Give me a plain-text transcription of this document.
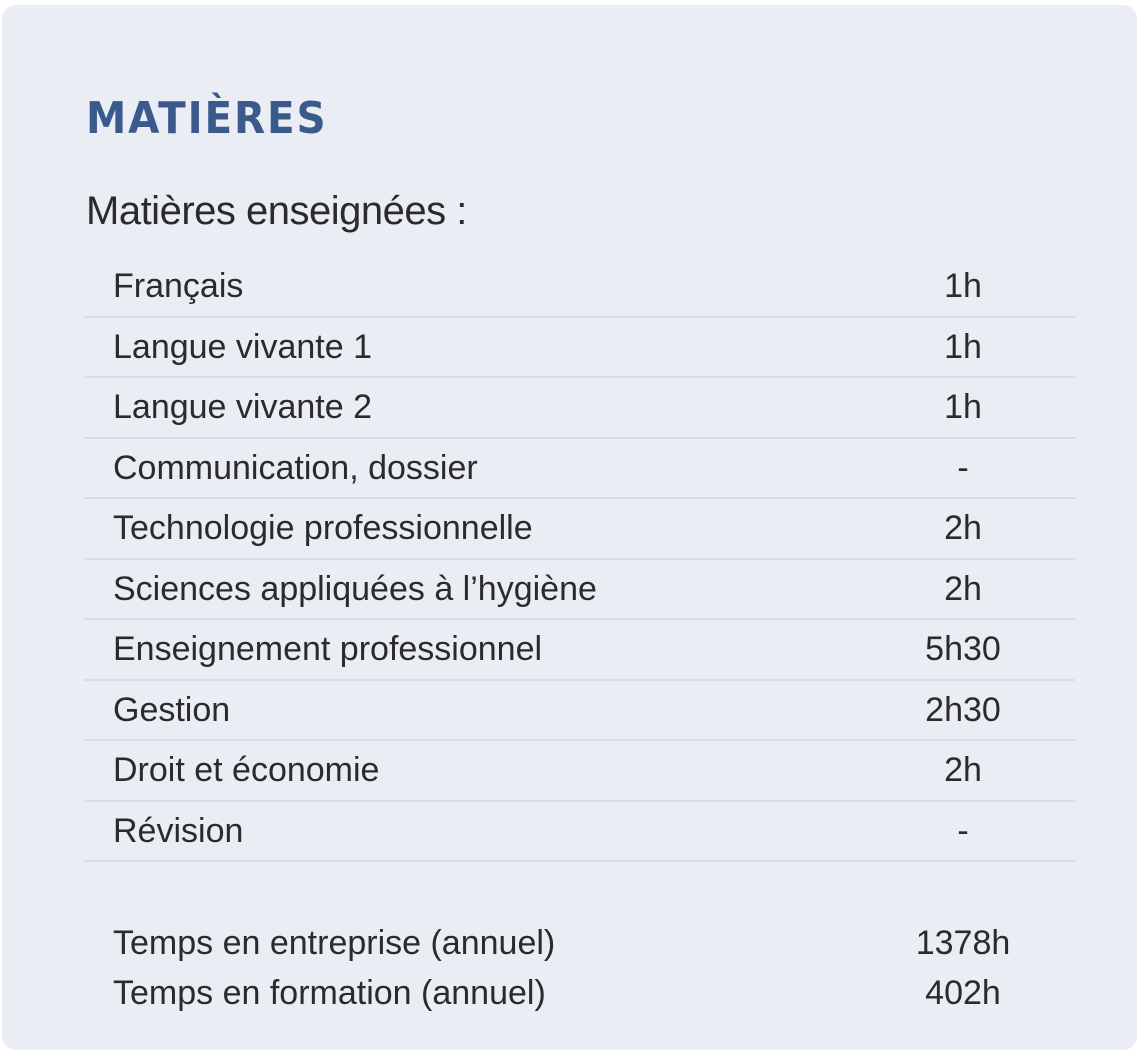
MATIÈRES

Matières enseignées :

Français	1h
Langue vivante 1	1h
Langue vivante 2	1h
Communication, dossier	-
Technologie professionnelle	2h
Sciences appliquées à l’hygiène	2h
Enseignement professionnel	5h30
Gestion	2h30
Droit et économie	2h
Révision	-
Temps en entreprise (annuel)	1378h
Temps en formation (annuel)	402h
